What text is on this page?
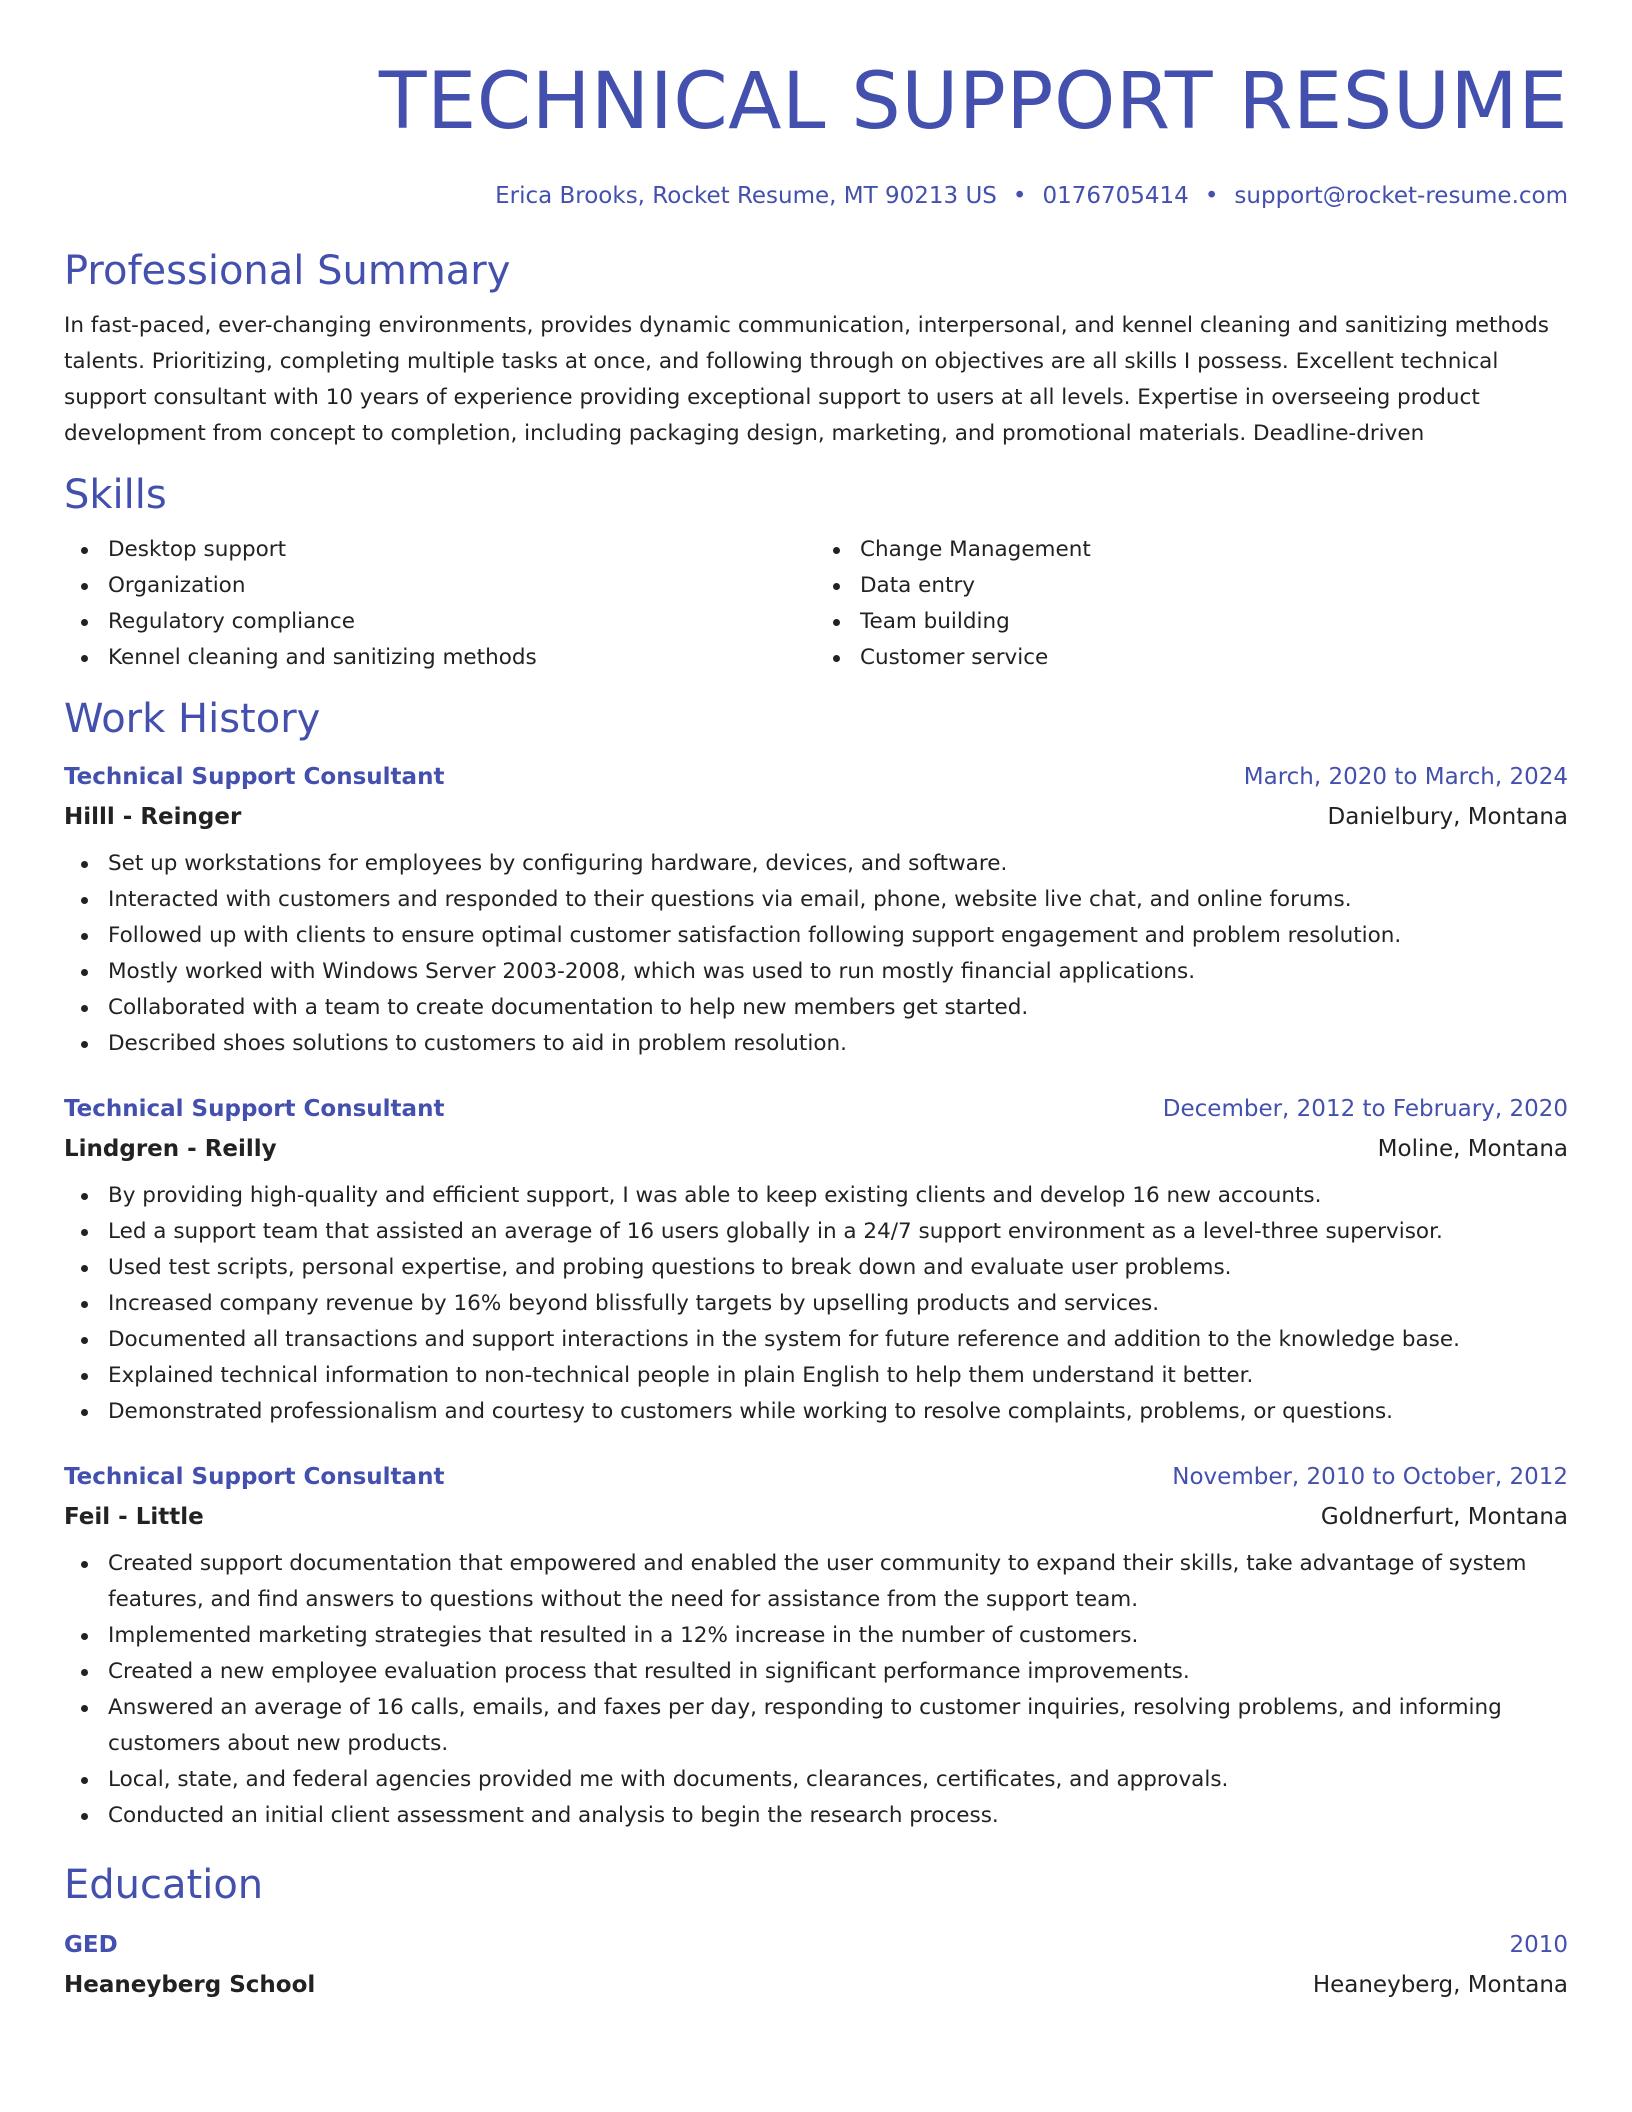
TECHNICAL SUPPORT RESUME
Erica Brooks, Rocket Resume, MT 90213 US • 0176705414 • support@rocket-resume.com
Professional Summary

In fast-paced, ever-changing environments, provides dynamic communication, interpersonal, and kennel cleaning and sanitizing methods talents. Prioritizing, completing multiple tasks at once, and following through on objectives are all skills I possess. Excellent technical support consultant with 10 years of experience providing exceptional support to users at all levels. Expertise in overseeing product development from concept to completion, including packaging design, marketing, and promotional materials. Deadline-driven

Skills
Desktop support
Organization
Regulatory compliance
Kennel cleaning and sanitizing methods
Change Management
Data entry
Team building
Customer service
Work History
Technical Support Consultant	March, 2020 to March, 2024
Hilll - Reinger	Danielbury, Montana
Set up workstations for employees by configuring hardware, devices, and software.
Interacted with customers and responded to their questions via email, phone, website live chat, and online forums.
Followed up with clients to ensure optimal customer satisfaction following support engagement and problem resolution.
Mostly worked with Windows Server 2003-2008, which was used to run mostly financial applications.
Collaborated with a team to create documentation to help new members get started.
Described shoes solutions to customers to aid in problem resolution.
Technical Support Consultant	December, 2012 to February, 2020
Lindgren - Reilly	Moline, Montana
By providing high-quality and efficient support, I was able to keep existing clients and develop 16 new accounts.
Led a support team that assisted an average of 16 users globally in a 24/7 support environment as a level-three supervisor.
Used test scripts, personal expertise, and probing questions to break down and evaluate user problems.
Increased company revenue by 16% beyond blissfully targets by upselling products and services.
Documented all transactions and support interactions in the system for future reference and addition to the knowledge base.
Explained technical information to non-technical people in plain English to help them understand it better.
Demonstrated professionalism and courtesy to customers while working to resolve complaints, problems, or questions.
Technical Support Consultant	November, 2010 to October, 2012
Feil - Little	Goldnerfurt, Montana
Created support documentation that empowered and enabled the user community to expand their skills, take advantage of system features, and find answers to questions without the need for assistance from the support team.
Implemented marketing strategies that resulted in a 12% increase in the number of customers.
Created a new employee evaluation process that resulted in significant performance improvements.
Answered an average of 16 calls, emails, and faxes per day, responding to customer inquiries, resolving problems, and informing customers about new products.
Local, state, and federal agencies provided me with documents, clearances, certificates, and approvals.
Conducted an initial client assessment and analysis to begin the research process.
Education
GED	2010
Heaneyberg School	Heaneyberg, Montana
